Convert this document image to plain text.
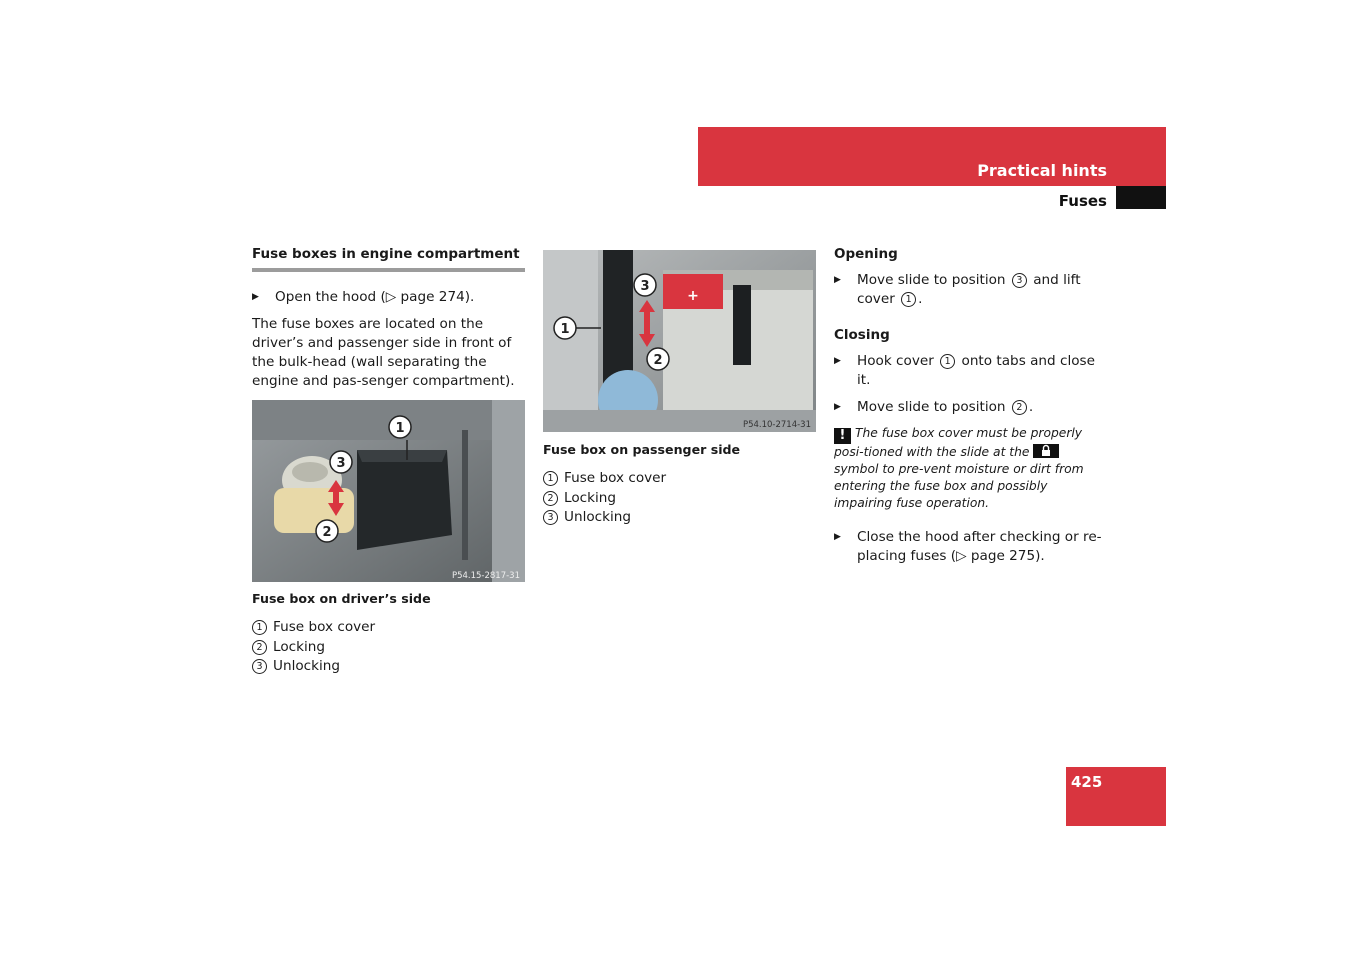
Practical hints
Fuses
Fuse boxes in engine compartment
▶	Open the hood (▷ page 274).

The fuse boxes are located on the driver’s and passenger side in front of the bulk-head (wall separating the engine and pas-senger compartment).

1
3
2
P54.15-2817-31
Fuse box on driver’s side
1 Fuse box cover
2 Locking
3 Unlocking
+
1
3
2
P54.10-2714-31
Fuse box on passenger side
1 Fuse box cover
2 Locking
3 Unlocking
Opening
▶	Move slide to position 3 and lift cover 1 .
Closing
▶	Hook cover 1 onto tabs and close it.
▶	Move slide to position 2 .
! The fuse box cover must be properly posi-tioned with the slide at the
symbol to pre-vent moisture or dirt from entering the fuse box and possibly impairing fuse operation.
▶	Close the hood after checking or re-placing fuses (▷ page 275).
425
